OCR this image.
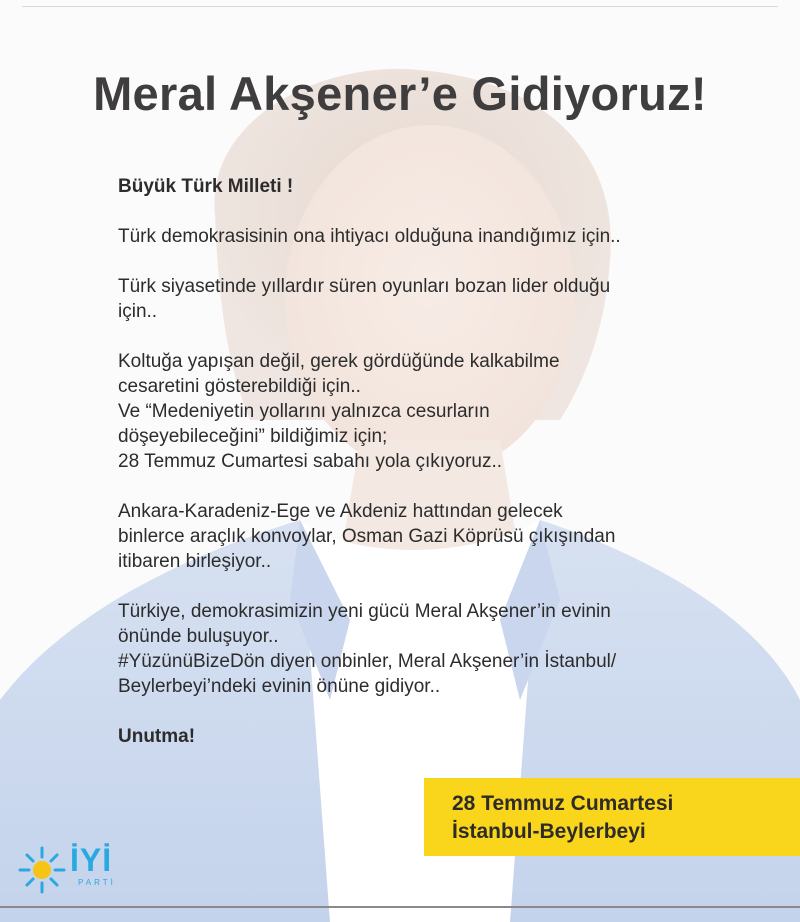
Meral Akşener’e Gidiyoruz!

Büyük Türk Milleti !

Türk demokrasisinin ona ihtiyacı olduğuna inandığımız için..

Türk siyasetinde yıllardır süren oyunları bozan lider olduğu
için..

Koltuğa yapışan değil, gerek gördüğünde kalkabilme
cesaretini gösterebildiği için..
Ve “Medeniyetin yollarını yalnızca cesurların
döşeyebileceğini” bildiğimiz için;
28 Temmuz Cumartesi sabahı yola çıkıyoruz..

Ankara-Karadeniz-Ege ve Akdeniz hattından gelecek
binlerce araçlık konvoylar, Osman Gazi Köprüsü çıkışından
itibaren birleşiyor..

Türkiye, demokrasimizin yeni gücü Meral Akşener’in evinin
önünde buluşuyor..
#YüzünüBizeDön diyen onbinler, Meral Akşener’in İstanbul/
Beylerbeyi’ndeki evinin önüne gidiyor..

Unutma!

28 Temmuz Cumartesi
İstanbul-Beylerbeyi
İYİ
PARTİ
